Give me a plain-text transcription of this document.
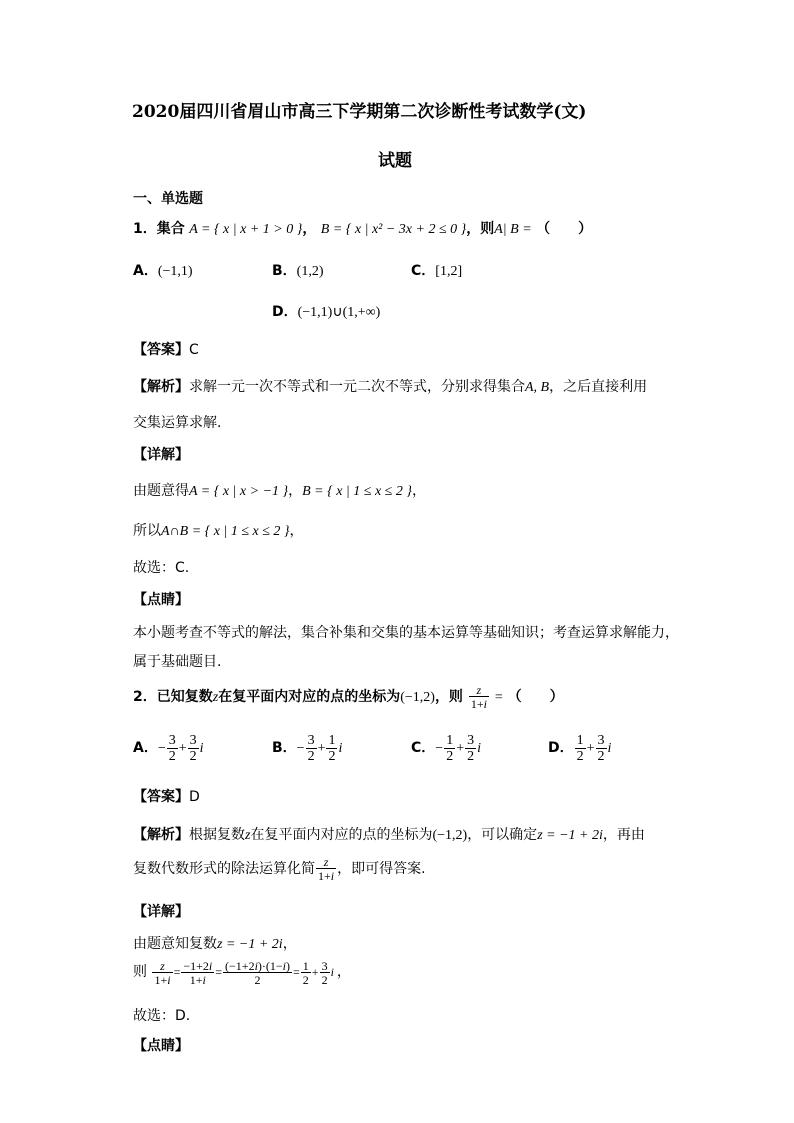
2020届四川省眉山市高三下学期第二次诊断性考试数学(文)
试题
一、单选题
1．集合 A = { x | x + 1 > 0 }， B = { x | x² − 3x + 2 ≤ 0 }，则A| B = （　　）
A．(−1,1)	B．(1,2)	C．[1,2]
D．(−1,1)∪(1,+∞)
【答案】C
【解析】求解一元一次不等式和一元二次不等式，分别求得集合A, B，之后直接利用
交集运算求解.
【详解】
由题意得A = { x | x > −1 }，B = { x | 1 ≤ x ≤ 2 }，
所以A∩B = { x | 1 ≤ x ≤ 2 }，
故选：C.
【点睛】
本小题考查不等式的解法，集合补集和交集的基本运算等基础知识；考查运算求解能力，
属于基础题目.
2．已知复数z在复平面内对应的点的坐标为(−1,2)，则 $\frac{z}{1+i}$ = （　　）
A．− $\frac{3}{2} + \frac{3}{2}$ i	B．− $\frac{3}{2} + \frac{1}{2}$ i	C．− $\frac{1}{2} + \frac{3}{2}$ i	D． $\frac{1}{2} + \frac{3}{2}$ i
【答案】D
【解析】根据复数z在复平面内对应的点的坐标为(−1,2)，可以确定z = −1 + 2i，再由
复数代数形式的除法运算化简 $\frac{z}{1+i}$ ，即可得答案.
【详解】
由题意知复数z = −1 + 2i，
则 $\frac{z}{1+i} = \frac{-1+2i}{1+i} = \frac{(-1+2i)\cdot(1-i)}{2} = \frac{1}{2} + \frac{3}{2}$ i ，
故选：D.
【点睛】
